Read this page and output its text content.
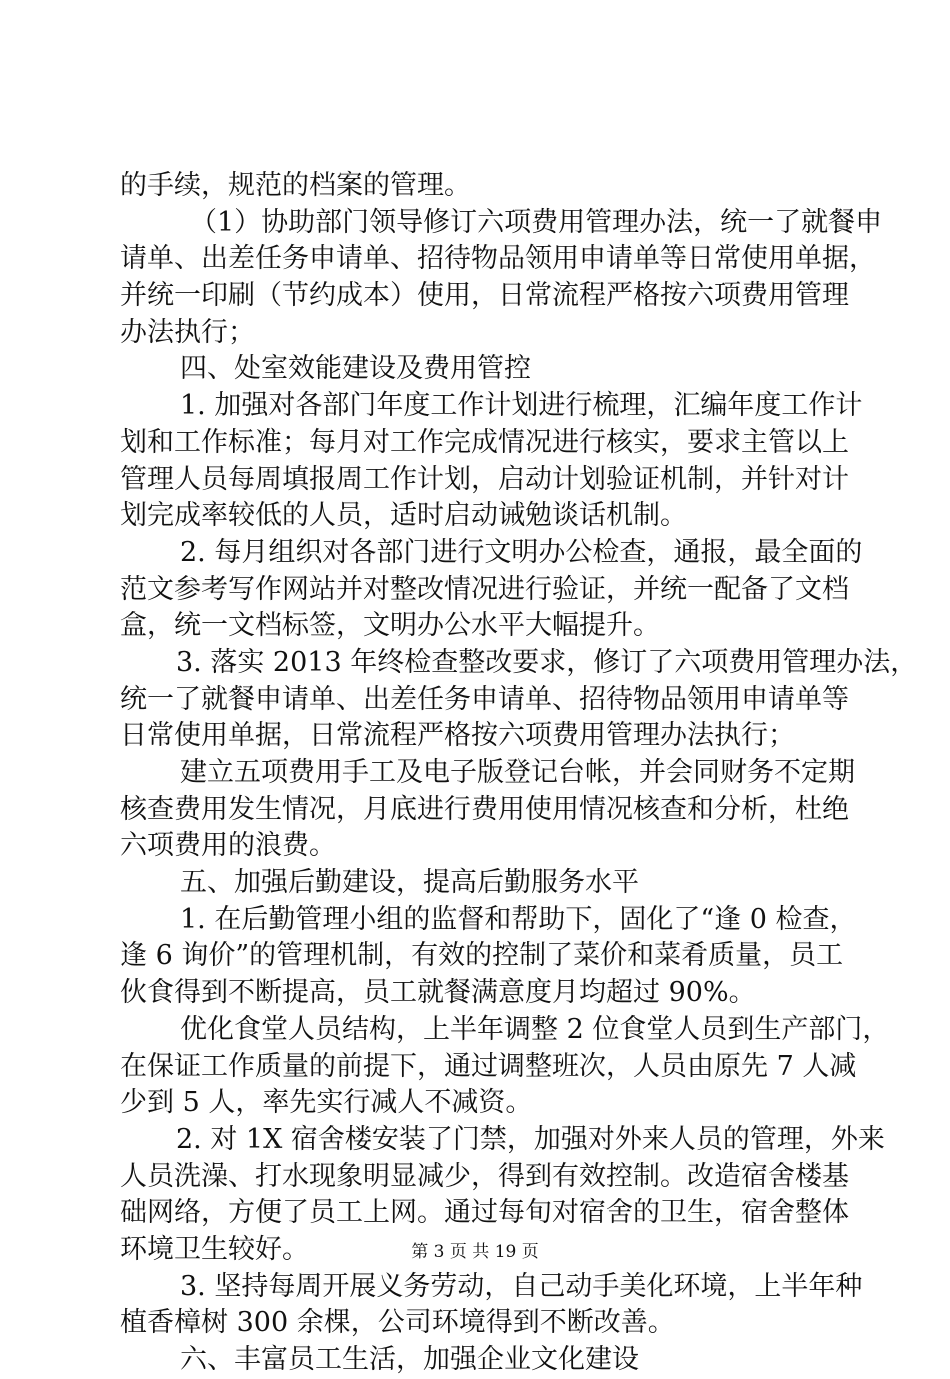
的手续，规范的档案的管理。
（1）协助部门领导修订六项费用管理办法，统一了就餐申
请单、出差任务申请单、招待物品领用申请单等日常使用单据，
并统一印刷（节约成本）使用，日常流程严格按六项费用管理
办法执行；
四、处室效能建设及费用管控
1. 加强对各部门年度工作计划进行梳理，汇编年度工作计
划和工作标准；每月对工作完成情况进行核实，要求主管以上
管理人员每周填报周工作计划，启动计划验证机制，并针对计
划完成率较低的人员，适时启动诫勉谈话机制。
2. 每月组织对各部门进行文明办公检查，通报，最全面的
范文参考写作网站并对整改情况进行验证，并统一配备了文档
盒，统一文档标签，文明办公水平大幅提升。
3. 落实 2013 年终检查整改要求，修订了六项费用管理办法，
统一了就餐申请单、出差任务申请单、招待物品领用申请单等
日常使用单据，日常流程严格按六项费用管理办法执行；
建立五项费用手工及电子版登记台帐，并会同财务不定期
核查费用发生情况，月底进行费用使用情况核查和分析，杜绝
六项费用的浪费。
五、加强后勤建设，提高后勤服务水平
1. 在后勤管理小组的监督和帮助下，固化了“逢 0 检查，
逢 6 询价”的管理机制，有效的控制了菜价和菜肴质量，员工
伙食得到不断提高，员工就餐满意度月均超过 90%。
优化食堂人员结构，上半年调整 2 位食堂人员到生产部门，
在保证工作质量的前提下，通过调整班次，人员由原先 7 人减
少到 5 人，率先实行减人不减资。
2. 对 1X 宿舍楼安装了门禁，加强对外来人员的管理，外来
人员洗澡、打水现象明显减少，得到有效控制。改造宿舍楼基
础网络，方便了员工上网。通过每旬对宿舍的卫生，宿舍整体
环境卫生较好。
3. 坚持每周开展义务劳动，自己动手美化环境，上半年种
植香樟树 300 余棵，公司环境得到不断改善。
六、丰富员工生活，加强企业文化建设
第 3 页 共 19 页
